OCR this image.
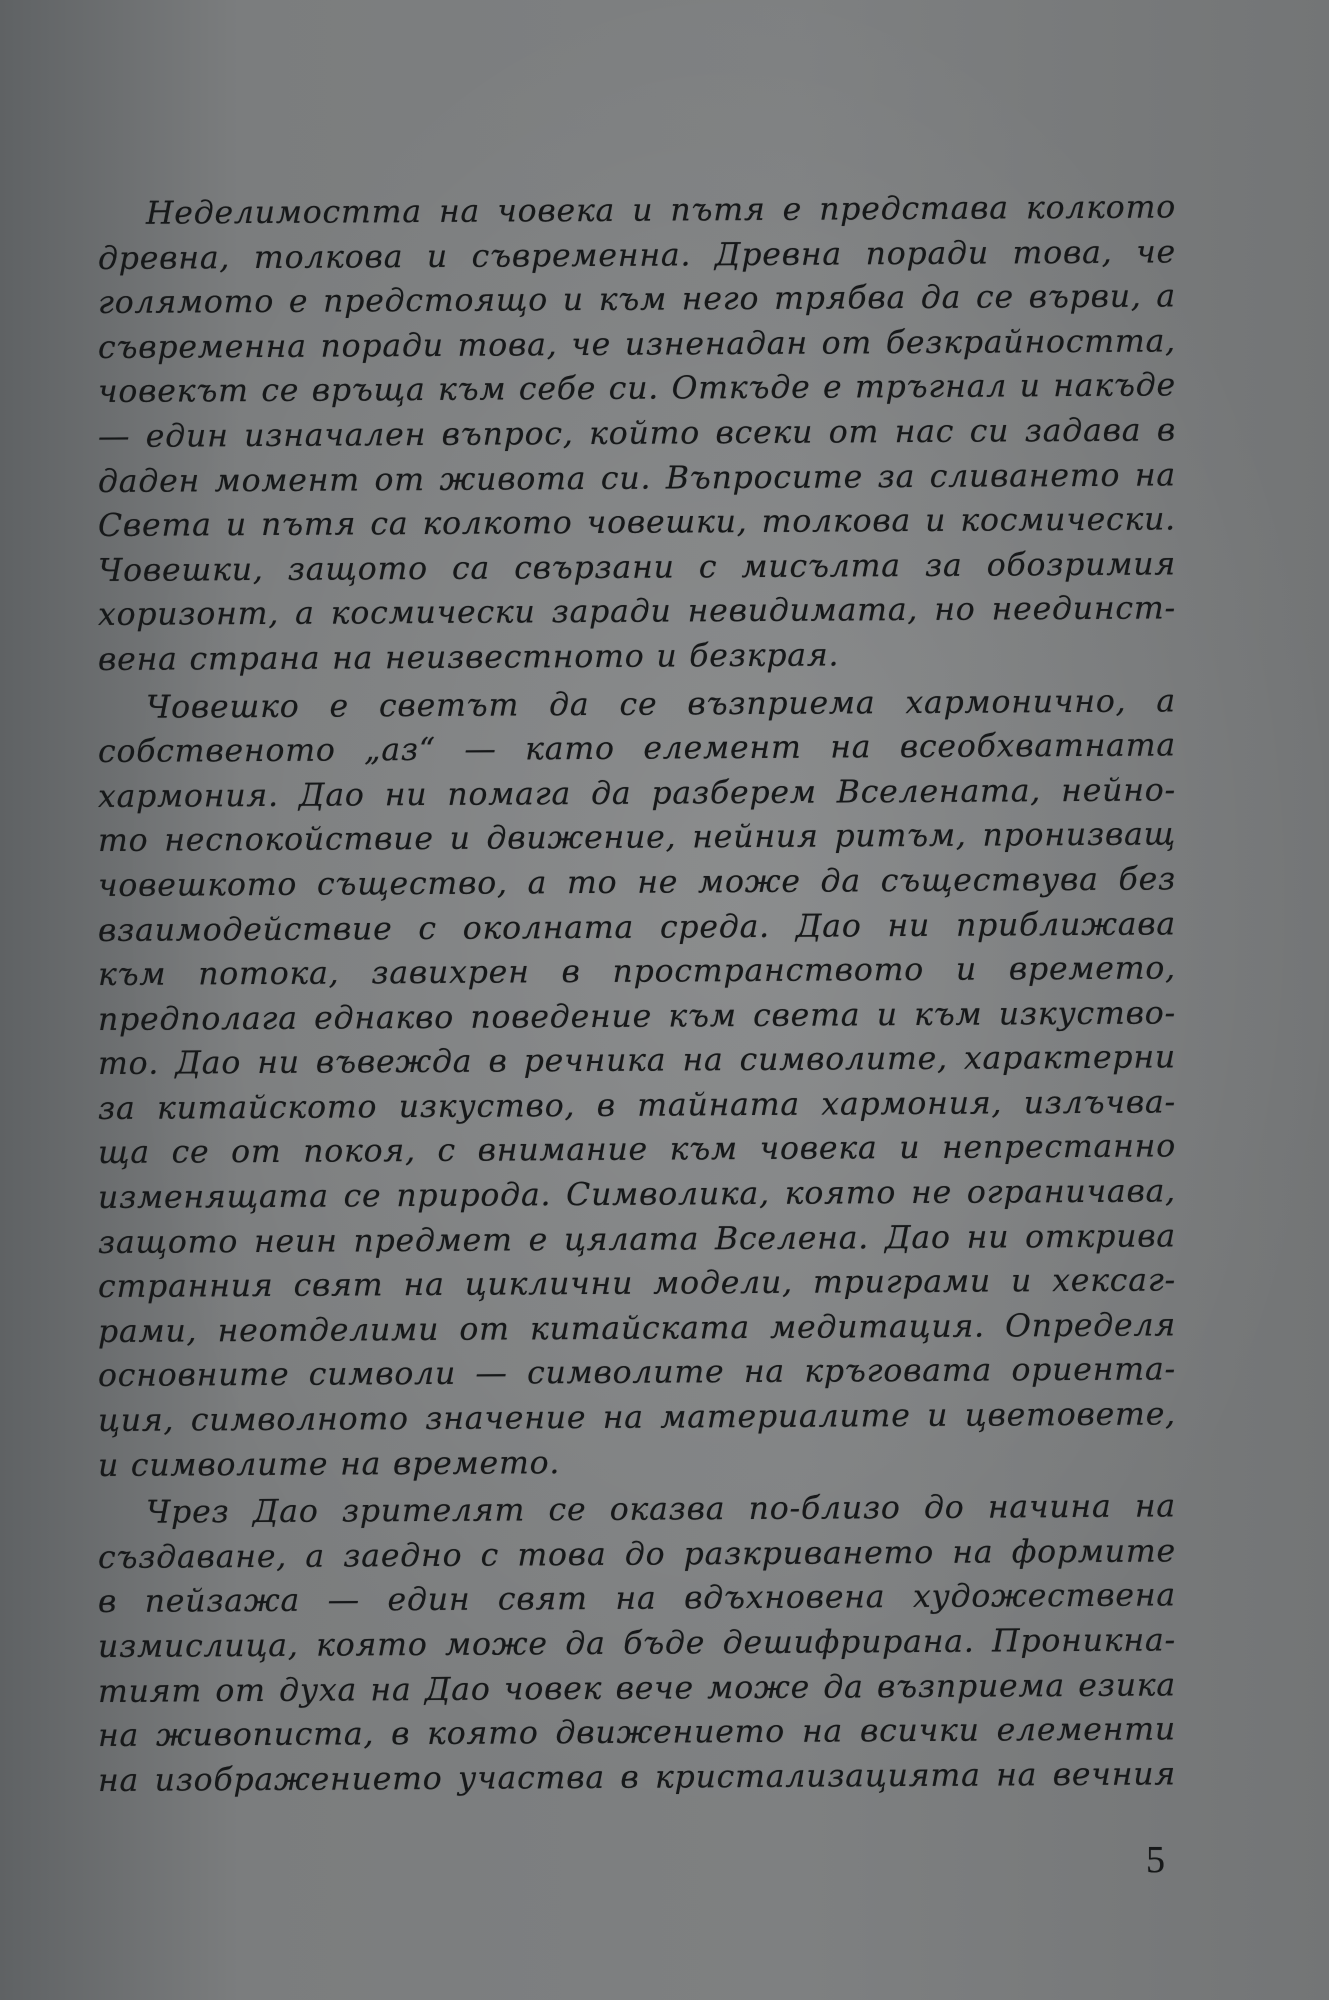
Неделимостта на човека и пътя е представа колкото
древна, толкова и съвременна. Древна поради това, че
голямото е предстоящо и към него трябва да се върви, а
съвременна поради това, че изненадан от безкрайността,
човекът се връща към себе си. Откъде е тръгнал и накъде
— един изначален въпрос, който всеки от нас си задава в
даден момент от живота си. Въпросите за сливането на
Света и пътя са колкото човешки, толкова и космически.
Човешки, защото са свързани с мисълта за обозримия
хоризонт, а космически заради невидимата, но нeединст-
вена страна на неизвестното и безкрая.

Човешко е светът да се възприема хармонично, а
собственото „аз“ — като елемент на всеобхватната
хармония. Дао ни помага да разберем Вселената, нейно-
то неспокойствие и движение, нейния ритъм, пронизващ
човешкото същество, а то не може да съществува без
взаимодействие с околната среда. Дао ни приближава
към потока, завихрен в пространството и времето,
предполага еднакво поведение към света и към изкуство-
то. Дао ни въвежда в речника на символите, характерни
за китайското изкуство, в тайната хармония, излъчва-
ща се от покоя, с внимание към човека и непрестанно
изменящата се природа. Символика, която не ограничава,
защото неин предмет е цялата Вселена. Дао ни открива
странния свят на циклични модели, триграми и хексаг-
рами, неотделими от китайската медитация. Определя
основните символи — символите на кръговата ориента-
ция, символното значение на материалите и цветовете,
и символите на времето.

Чрез Дао зрителят се оказва по-близо до начина на
създаване, а заедно с това до разкриването на формите
в пейзажа — един свят на вдъхновена художествена
измислица, която може да бъде дешифрирана. Проникна-
тият от духа на Дао човек вече може да възприема езика
на живописта, в която движението на всички елементи
на изображението участва в кристализацията на вечния

5
